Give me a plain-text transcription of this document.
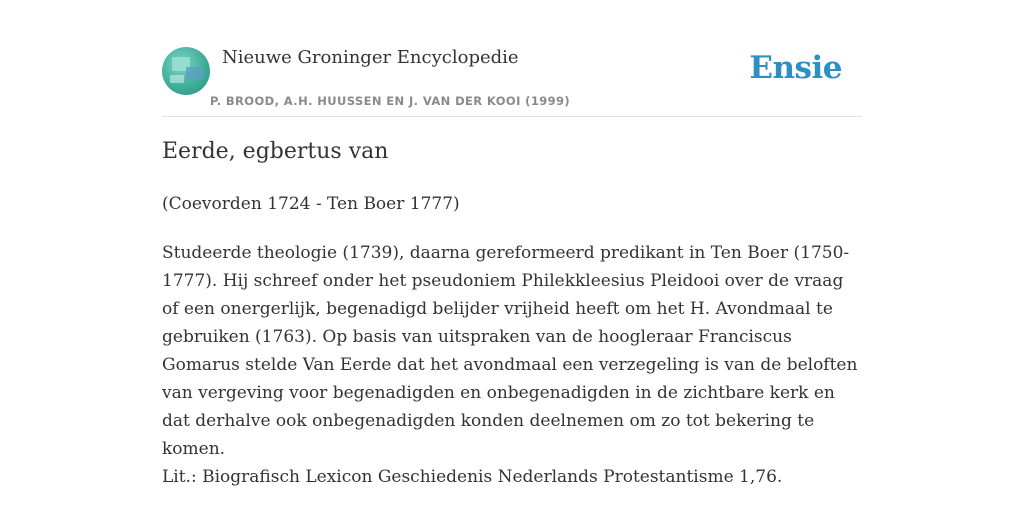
Nieuwe Groninger Encyclopedie
P. BROOD, A.H. HUUSSEN EN J. VAN DER KOOI (1999)
Ensie
Eerde, egbertus van
(Coevorden 1724 - Ten Boer 1777)

Studeerde theologie (1739), daarna gereformeerd predikant in Ten Boer (1750-1777). Hij schreef onder het pseudoniem Philekkleesius Pleidooi over de vraag of een onergerlijk, begenadigd belijder vrijheid heeft om het H. Avondmaal te gebruiken (1763). Op basis van uitspraken van de hoogleraar Franciscus Gomarus stelde Van Eerde dat het avondmaal een verzegeling is van de beloften van vergeving voor begenadigden en onbegenadigden in de zichtbare kerk en dat derhalve ook onbegenadigden konden deelnemen om zo tot bekering te komen.

Lit.: Biografisch Lexicon Geschiedenis Nederlands Protestantisme 1,76.
